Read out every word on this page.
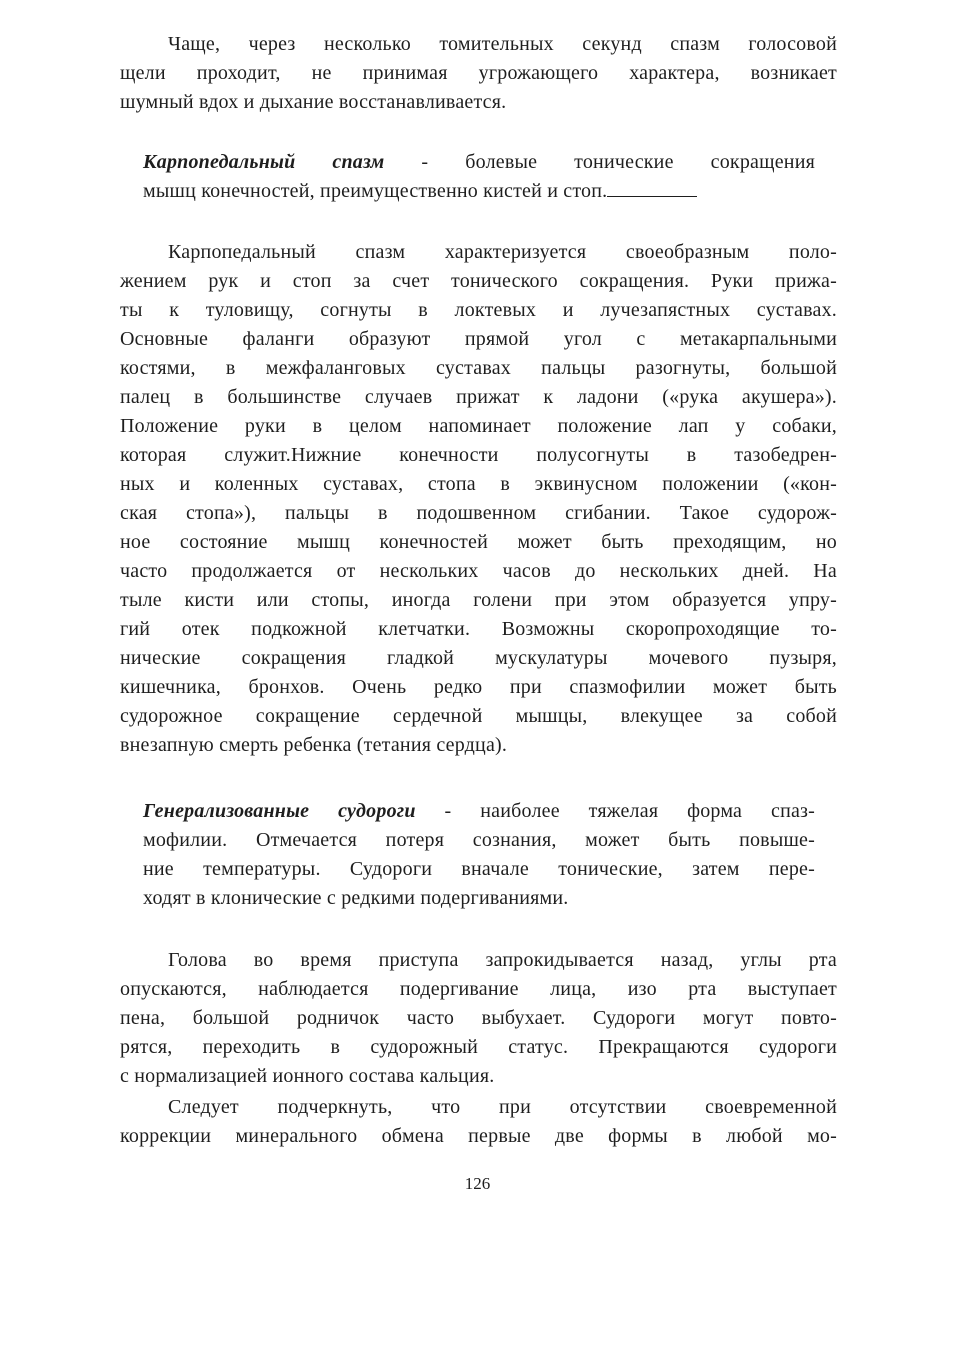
Чаще, через несколько томительных секунд спазм голосовой
щели проходит, не принимая угрожающего характера, возникает
шумный вдох и дыхание восстанавливается.
Карпопедальный спазм - болевые тонические сокращения
мышц конечностей, преимущественно кистей и стоп.
Карпопедальный спазм характеризуется своеобразным поло-
жением рук и стоп за счет тонического сокращения. Руки прижа-
ты к туловищу, согнуты в локтевых и лучезапястных суставах.
Основные фаланги образуют прямой угол с метакарпальными
костями, в межфаланговых суставах пальцы разогнуты, большой
палец в большинстве случаев прижат к ладони («рука акушера»).
Положение руки в целом напоминает положение лап у собаки,
которая служит.Нижние конечности полусогнуты в тазобедрен-
ных и коленных суставах, стопа в эквинусном положении («кон-
ская стопа»), пальцы в подошвенном сгибании. Такое судорож-
ное состояние мышц конечностей может быть преходящим, но
часто продолжается от нескольких часов до нескольких дней. На
тыле кисти или стопы, иногда голени при этом образуется упру-
гий отек подкожной клетчатки. Возможны скоропроходящие то-
нические сокращения гладкой мускулатуры мочевого пузыря,
кишечника, бронхов. Очень редко при спазмофилии может быть
судорожное сокращение сердечной мышцы, влекущее за собой
внезапную смерть ребенка (тетания сердца).
Генерализованные судороги - наиболее тяжелая форма спаз-
мофилии. Отмечается потеря сознания, может быть повыше-
ние температуры. Судороги вначале тонические, затем пере-
ходят в клонические с редкими подергиваниями.
Голова во время приступа запрокидывается назад, углы рта
опускаются, наблюдается подергивание лица, изо рта выступает
пена, большой родничок часто выбухает. Судороги могут повто-
рятся, переходить в судорожный статус. Прекращаются судороги
с нормализацией ионного состава кальция.
Следует подчеркнуть, что при отсутствии своевременной
коррекции минерального обмена первые две формы в любой мо-
126
